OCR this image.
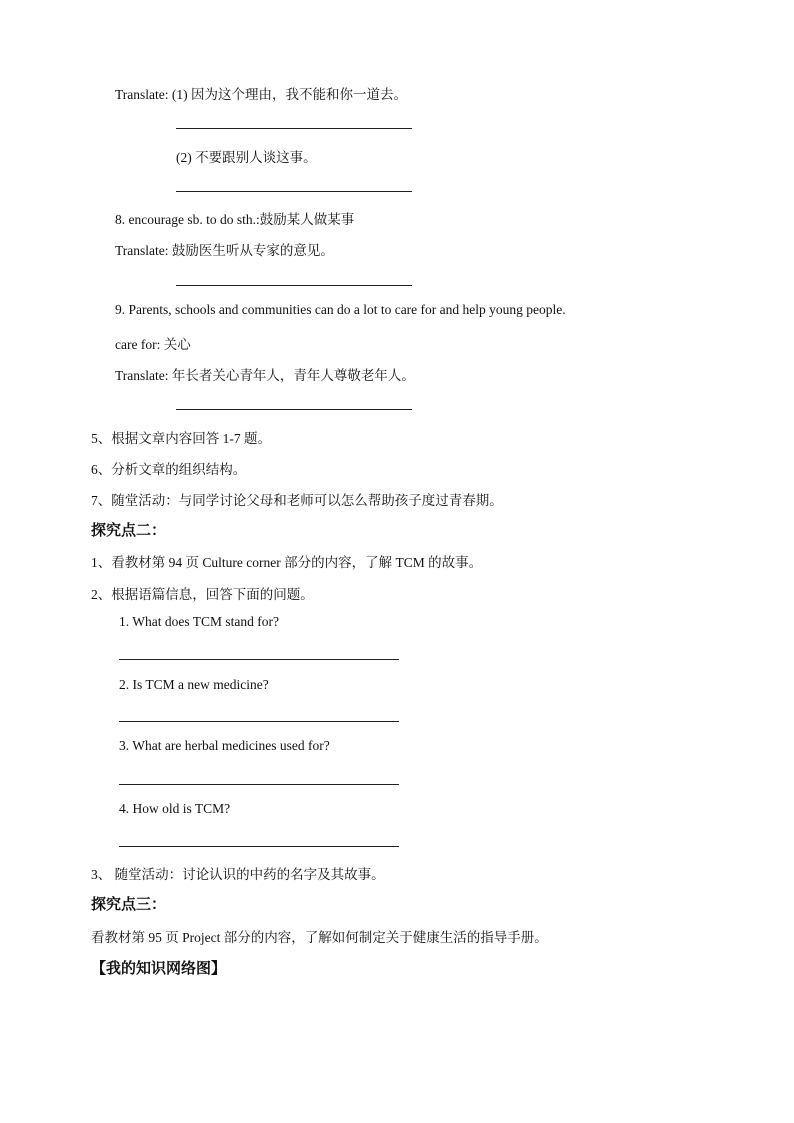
Translate: (1) 因为这个理由，我不能和你一道去。
(2) 不要跟别人谈这事。
8. encourage sb. to do sth.:鼓励某人做某事
Translate: 鼓励医生听从专家的意见。
9. Parents, schools and communities can do a lot to care for and help young people.
care for: 关心
Translate: 年长者关心青年人，青年人尊敬老年人。
5、根据文章内容回答 1-7 题。
6、分析文章的组织结构。
7、随堂活动：与同学讨论父母和老师可以怎么帮助孩子度过青春期。
探究点二：
1、看教材第 94 页 Culture corner 部分的内容，了解 TCM 的故事。
2、根据语篇信息，回答下面的问题。
1. What does TCM stand for?
2. Is TCM a new medicine?
3. What are herbal medicines used for?
4. How old is TCM?
3、 随堂活动：讨论认识的中药的名字及其故事。
探究点三：
看教材第 95 页 Project 部分的内容，了解如何制定关于健康生活的指导手册。
【我的知识网络图】
